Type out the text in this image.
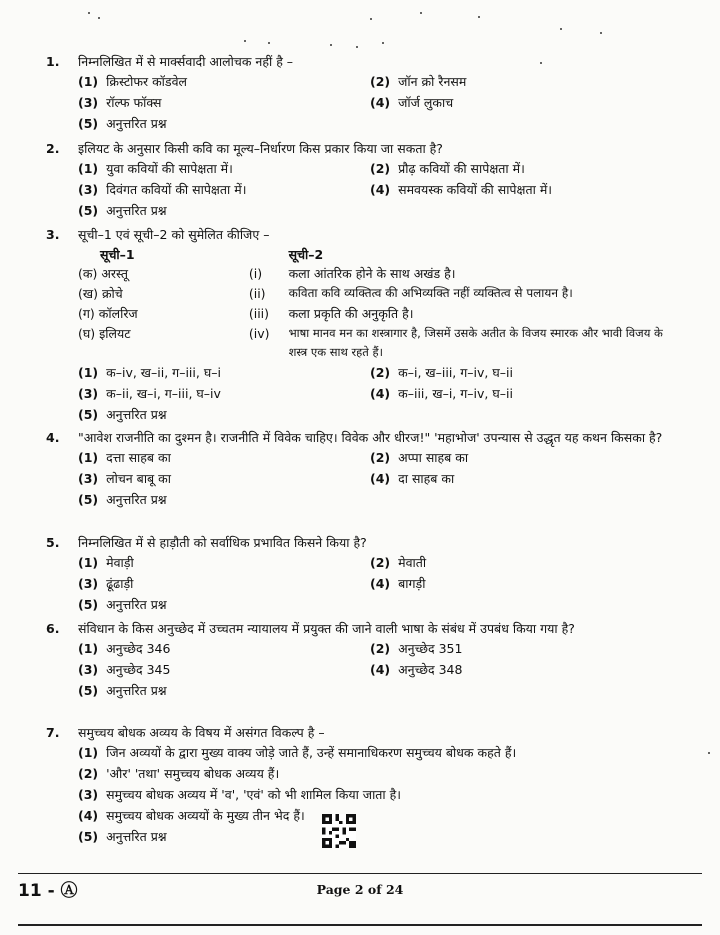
1.	निम्नलिखित में से मार्क्सवादी आलोचक नहीं है –
(1) क्रिस्टोफर कॉडवेल	(2) जॉन क्रो रैनसम
(3) रॉल्फ फॉक्स	(4) जॉर्ज लुकाच
(5) अनुत्तरित प्रश्न
2.	इलियट के अनुसार किसी कवि का मूल्य–निर्धारण किस प्रकार किया जा सकता है?
(1) युवा कवियों की सापेक्षता में।	(2) प्रौढ़ कवियों की सापेक्षता में।
(3) दिवंगत कवियों की सापेक्षता में।	(4) समवयस्क कवियों की सापेक्षता में।
(5) अनुत्तरित प्रश्न
3.	सूची–1 एवं सूची–2 को सुमेलित कीजिए –
सूची–1	सूची–2
(क) अरस्तू	(i)	कला आंतरिक होने के साथ अखंड है।
(ख) क्रोचे	(ii)	कविता कवि व्यक्तित्व की अभिव्यक्ति नहीं व्यक्तित्व से पलायन है।
(ग) कॉलरिज	(iii)	कला प्रकृति की अनुकृति है।
(घ) इलियट	(iv)	भाषा मानव मन का शस्त्रागार है, जिसमें उसके अतीत के विजय स्मारक और भावी विजय के शस्त्र एक साथ रहते हैं।
(1) क–iv, ख–ii, ग–iii, घ–i	(2) क–i, ख–iii, ग–iv, घ–ii
(3) क–ii, ख–i, ग–iii, घ–iv	(4) क–iii, ख–i, ग–iv, घ–ii
(5) अनुत्तरित प्रश्न
4.	"आवेश राजनीति का दुश्मन है। राजनीति में विवेक चाहिए। विवेक और धीरज!" 'महाभोज' उपन्यास से उद्धृत यह कथन किसका है?
(1) दत्ता साहब का	(2) अप्पा साहब का
(3) लोचन बाबू का	(4) दा साहब का
(5) अनुत्तरित प्रश्न
5.	निम्नलिखित में से हाड़ौती को सर्वाधिक प्रभावित किसने किया है?
(1) मेवाड़ी	(2) मेवाती
(3) ढूंढाड़ी	(4) बागड़ी
(5) अनुत्तरित प्रश्न
6.	संविधान के किस अनुच्छेद में उच्चतम न्यायालय में प्रयुक्त की जाने वाली भाषा के संबंध में उपबंध किया गया है?
(1) अनुच्छेद 346	(2) अनुच्छेद 351
(3) अनुच्छेद 345	(4) अनुच्छेद 348
(5) अनुत्तरित प्रश्न
7.	समुच्चय बोधक अव्यय के विषय में असंगत विकल्प है –
(1) जिन अव्ययों के द्वारा मुख्य वाक्य जोड़े जाते हैं, उन्हें समानाधिकरण समुच्चय बोधक कहते हैं।
(2) 'और' 'तथा' समुच्चय बोधक अव्यय हैं।
(3) समुच्चय बोधक अव्यय में 'व', 'एवं' को भी शामिल किया जाता है।
(4) समुच्चय बोधक अव्ययों के मुख्य तीन भेद हैं।
(5) अनुत्तरित प्रश्न
11 - Ⓐ	Page 2 of 24
